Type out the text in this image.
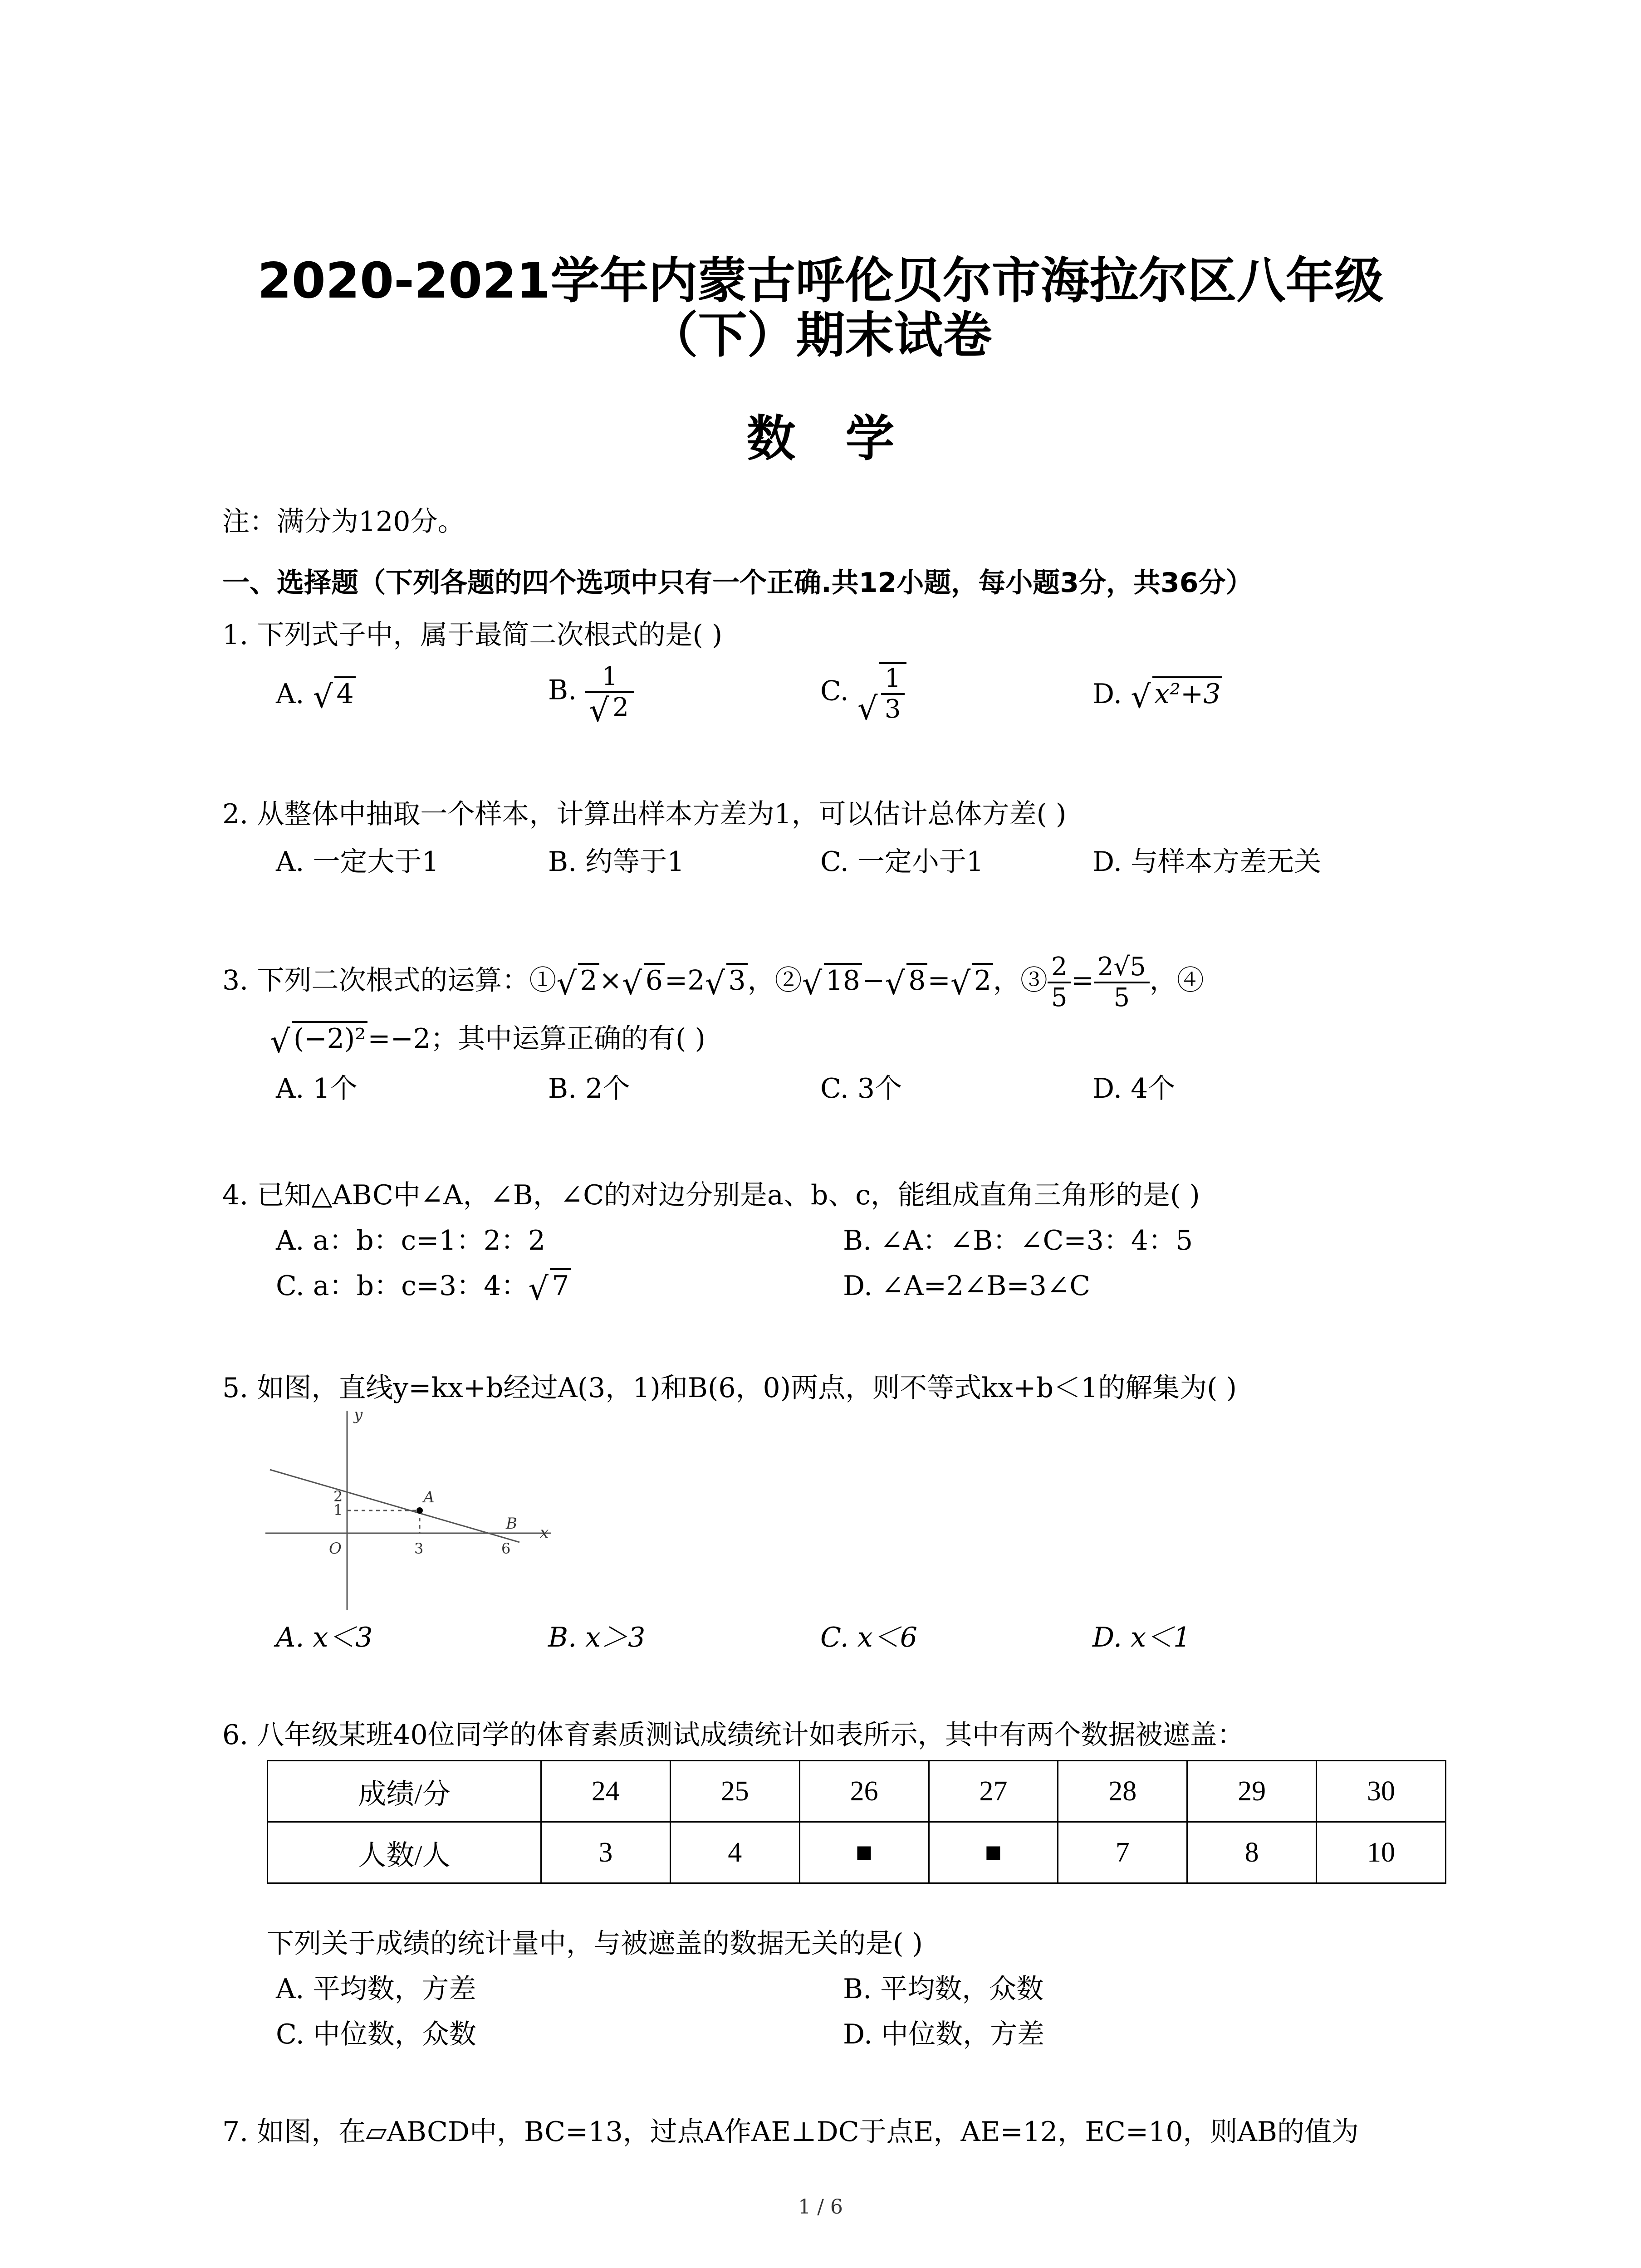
2020-2021学年内蒙古呼伦贝尔市海拉尔区八年级
（下）期末试卷
数学
注：满分为120分。
一、选择题（下列各题的四个选项中只有一个正确.共12小题，每小题3分，共36分）
1. 下列式子中，属于最简二次根式的是( )
A. √ 4	B. 1
√ 2	C. √ $\frac{1}{3}$	D. √ x²+3
2. 从整体中抽取一个样本，计算出样本方差为1，可以估计总体方差( )
A. 一定大于1	B. 约等于1	C. 一定小于1	D. 与样本方差无关
3. 下列二次根式的运算：① √ 2× √ 6=2 √ 3，② √ 18− √ 8= √ 2，③ $\frac{2}{5} = \frac{2√5}{5}$ ，④
√ (−2)²=−2；其中运算正确的有( )
A. 1个	B. 2个	C. 3个	D. 4个
4. 已知△ABC中∠A，∠B，∠C的对边分别是a、b、c，能组成直角三角形的是( )
A. a：b：c=1：2：2	B. ∠A：∠B：∠C=3：4：5
C. a：b：c=3：4： √ 7	D. ∠A=2∠B=3∠C
5. 如图，直线y=kx+b经过A(3，1)和B(6，0)两点，则不等式kx+b＜1的解集为( )
y
x
O
A
B
2
1
3	6
A. x＜3	B. x＞3	C. x＜6	D. x＜1
6. 八年级某班40位同学的体育素质测试成绩统计如表所示，其中有两个数据被遮盖：
成绩/分	24	25	26	27	28	29	30
人数/人	3	4	■	■	7	8	10
下列关于成绩的统计量中，与被遮盖的数据无关的是( )
A. 平均数，方差	B. 平均数，众数
C. 中位数，众数	D. 中位数，方差
7. 如图，在▱ABCD中，BC=13，过点A作AE⊥DC于点E，AE=12，EC=10，则AB的值为
1 / 6
